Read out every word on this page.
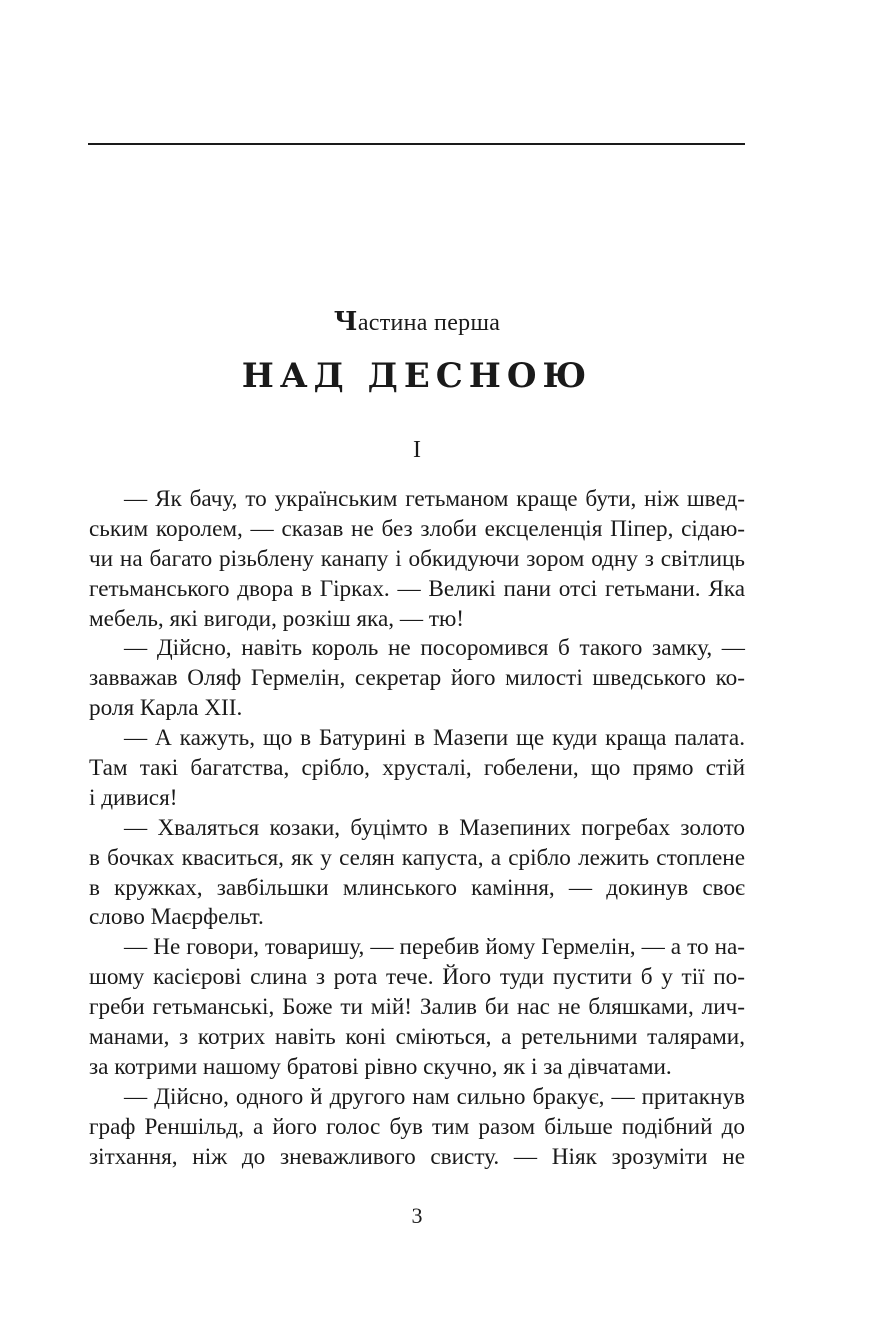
Частина перша
НАД ДЕСНОЮ
I
— Як бачу, то українським гетьманом краще бути, ніж швед-
ським королем, — сказав не без злоби ексцеленція Піпер, сідаю-
чи на багато різьблену канапу і обкидуючи зором одну з світлиць
гетьманського двора в Гірках. — Великі пани отсі гетьмани. Яка
мебель, які вигоди, розкіш яка, — тю!
— Дійсно, навіть король не посоромився б такого замку, —
завважав Оляф Гермелін, секретар його милості шведського ко-
роля Карла XII.
— А кажуть, що в Батурині в Мазепи ще куди краща палата.
Там такі багатства, срібло, хрусталі, гобелени, що прямо стій
і дивися!
— Хваляться козаки, буцімто в Мазепиних погребах золото
в бочках кваситься, як у селян капуста, а срібло лежить стоплене
в кружках, завбільшки млинського каміння, — докинув своє
слово Маєрфельт.
— Не говори, товаришу, — перебив йому Гермелін, — а то на-
шому касієрові слина з рота тече. Його туди пустити б у тії по-
греби гетьманські, Боже ти мій! Залив би нас не бляшками, лич-
манами, з котрих навіть коні сміються, а ретельними талярами,
за котрими нашому братові рівно скучно, як і за дівчатами.
— Дійсно, одного й другого нам сильно бракує, — притакнув
граф Реншільд, а його голос був тим разом більше подібний до
зітхання, ніж до зневажливого свисту. — Ніяк зрозуміти не
3
